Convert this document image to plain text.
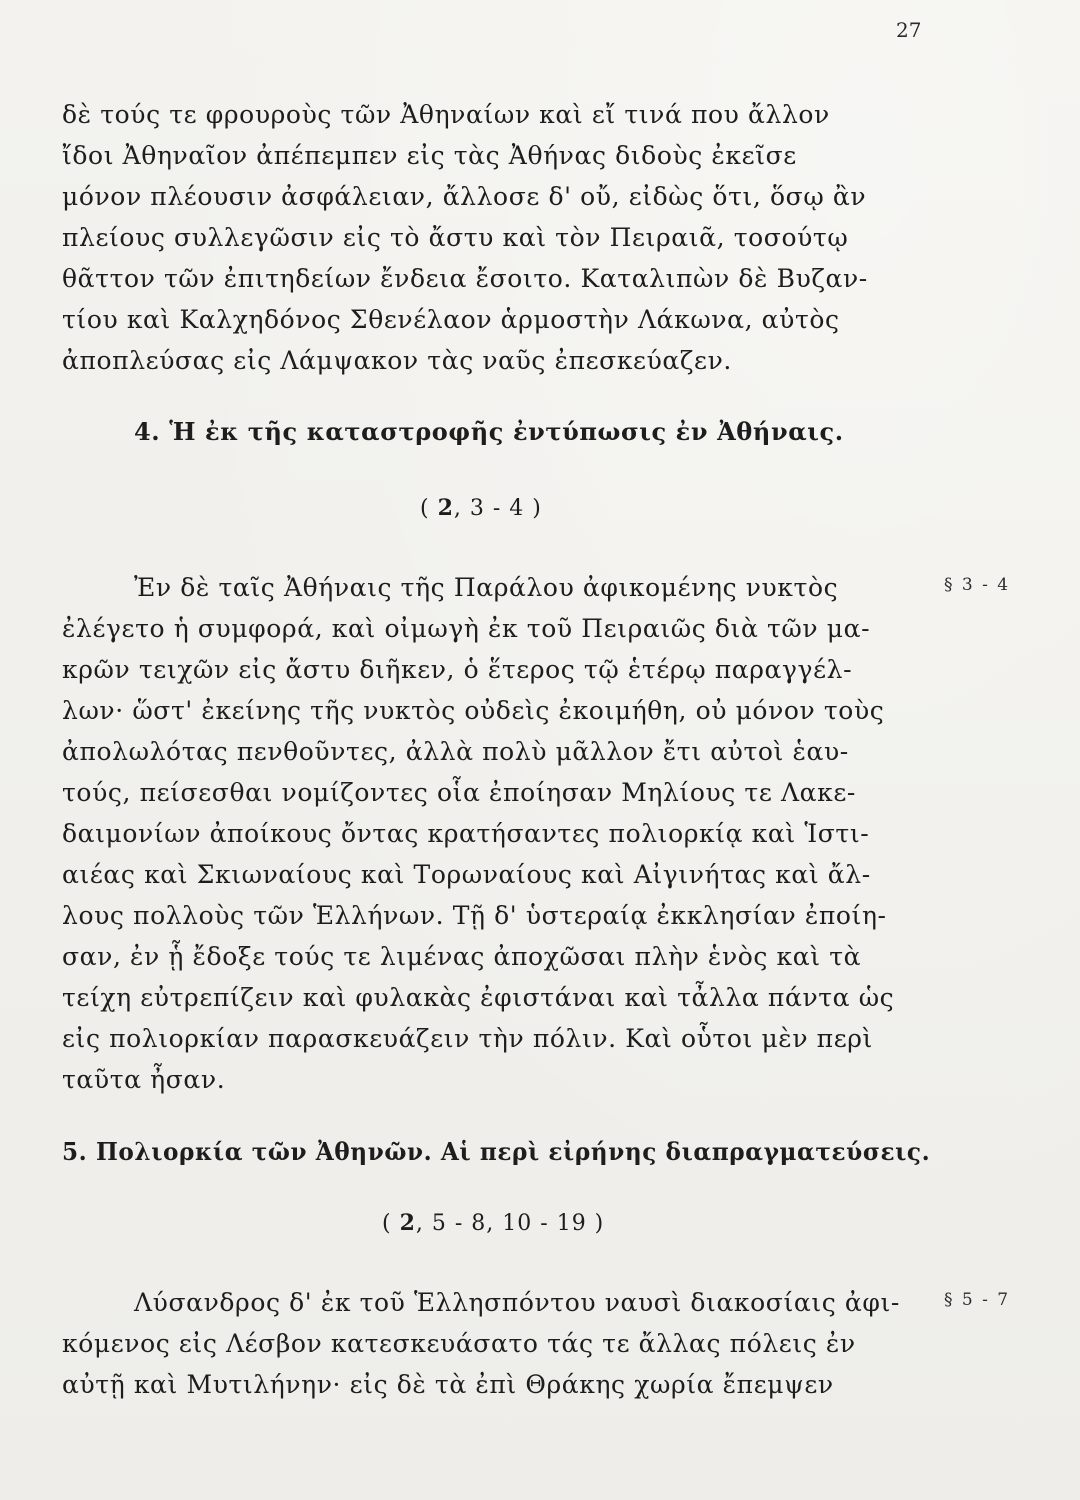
27
δὲ τούς τε φρουροὺς τῶν Ἀθηναίων καὶ εἴ τινά που ἄλλον
ἴδοι Ἀθηναῖον ἀπέπεμπεν εἰς τὰς Ἀθήνας διδοὺς ἐκεῖσε
μόνον πλέουσιν ἀσφάλειαν, ἄλλοσε δ' οὔ, εἰδὼς ὅτι, ὅσῳ ἂν
πλείους συλλεγῶσιν εἰς τὸ ἄστυ καὶ τὸν Πειραιᾶ, τοσούτῳ
θᾶττον τῶν ἐπιτηδείων ἔνδεια ἔσοιτο. Καταλιπὼν δὲ Βυζαν-
τίου καὶ Καλχηδόνος Σθενέλαον ἁρμοστὴν Λάκωνα, αὐτὸς
ἀποπλεύσας εἰς Λάμψακον τὰς ναῦς ἐπεσκεύαζεν.
4. Ἡ ἐκ τῆς καταστροφῆς ἐντύπωσις ἐν Ἀθήναις.
( 2, 3 - 4 )
Ἐν δὲ ταῖς Ἀθήναις τῆς Παράλου ἀφικομένης νυκτὸς	§ 3 - 4
ἐλέγετο ἡ συμφορά, καὶ οἰμωγὴ ἐκ τοῦ Πειραιῶς διὰ τῶν μα-
κρῶν τειχῶν εἰς ἄστυ διῆκεν, ὁ ἕτερος τῷ ἑτέρῳ παραγγέλ-
λων· ὥστ' ἐκείνης τῆς νυκτὸς οὐδεὶς ἐκοιμήθη, οὐ μόνον τοὺς
ἀπολωλότας πενθοῦντες, ἀλλὰ πολὺ μᾶλλον ἔτι αὐτοὶ ἑαυ-
τούς, πείσεσθαι νομίζοντες οἷα ἐποίησαν Μηλίους τε Λακε-
δαιμονίων ἀποίκους ὄντας κρατήσαντες πολιορκίᾳ καὶ Ἱστι-
αιέας καὶ Σκιωναίους καὶ Τορωναίους καὶ Αἰγινήτας καὶ ἄλ-
λους πολλοὺς τῶν Ἑλλήνων. Τῇ δ' ὑστεραίᾳ ἐκκλησίαν ἐποίη-
σαν, ἐν ᾗ ἔδοξε τούς τε λιμένας ἀποχῶσαι πλὴν ἑνὸς καὶ τὰ
τείχη εὐτρεπίζειν καὶ φυλακὰς ἐφιστάναι καὶ τἆλλα πάντα ὡς
εἰς πολιορκίαν παρασκευάζειν τὴν πόλιν. Καὶ οὗτοι μὲν περὶ
ταῦτα ἦσαν.
5. Πολιορκία τῶν Ἀθηνῶν. Αἱ περὶ εἰρήνης διαπραγματεύσεις.
( 2, 5 - 8, 10 - 19 )
Λύσανδρος δ' ἐκ τοῦ Ἑλλησπόντου ναυσὶ διακοσίαις ἀφι-	§ 5 - 7
κόμενος εἰς Λέσβον κατεσκευάσατο τάς τε ἄλλας πόλεις ἐν
αὐτῇ καὶ Μυτιλήνην· εἰς δὲ τὰ ἐπὶ Θράκης χωρία ἔπεμψεν
